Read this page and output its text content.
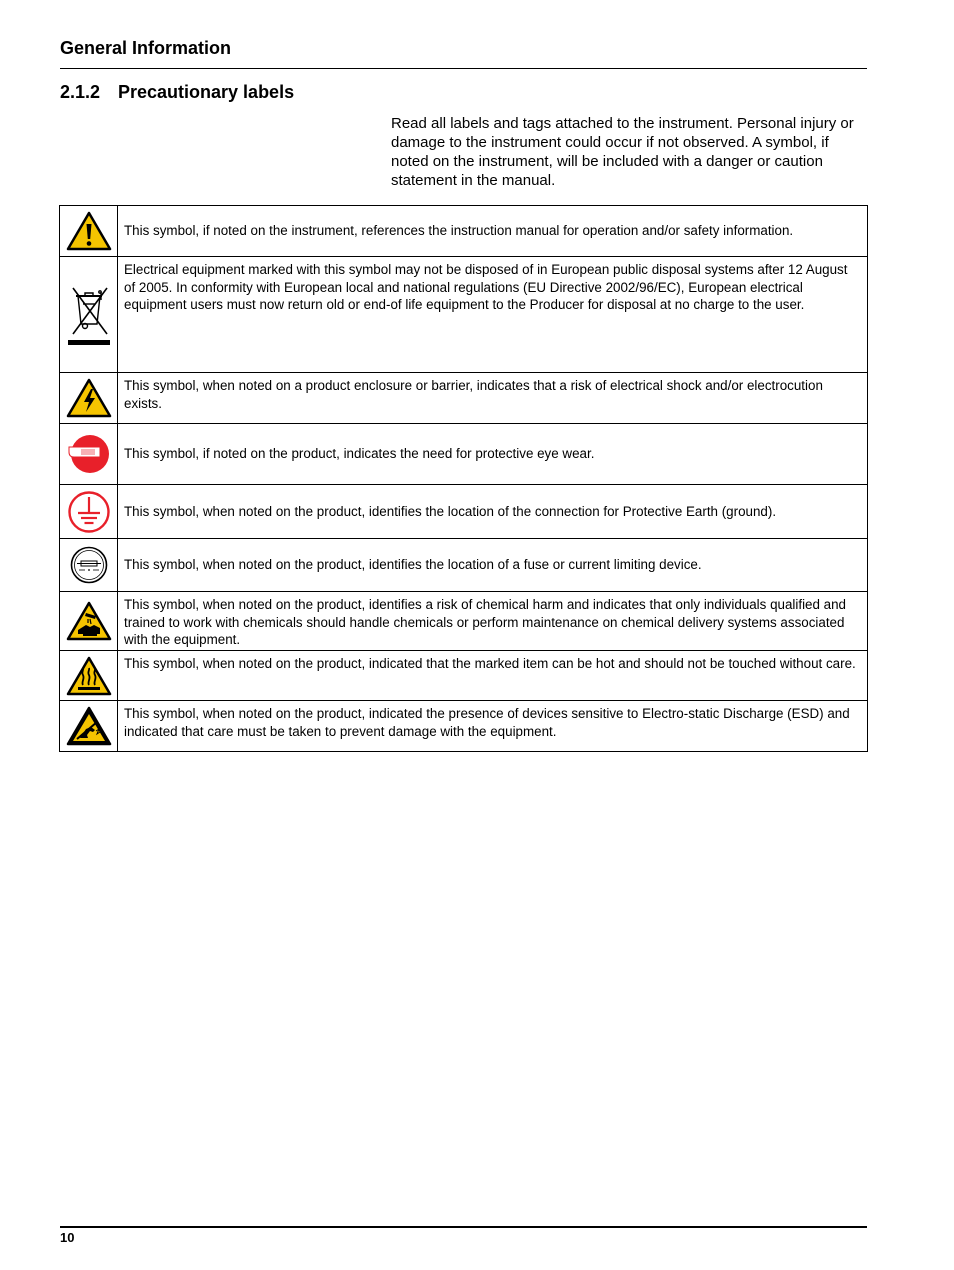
General Information
2.1.2 Precautionary labels
Read all labels and tags attached to the instrument. Personal injury or damage to the instrument could occur if not observed. A symbol, if noted on the instrument, will be included with a danger or caution statement in the manual.
	This symbol, if noted on the instrument, references the instruction manual for operation and/or safety information.

	Electrical equipment marked with this symbol may not be disposed of in European public disposal systems after 12 August of 2005. In conformity with European local and national regulations (EU Directive 2002/96/EC), European electrical equipment users must now return old or end-of life equipment to the Producer for disposal at no charge to the user.

	This symbol, when noted on a product enclosure or barrier, indicates that a risk of electrical shock and/or electrocution exists.

	This symbol, if noted on the product, indicates the need for protective eye wear.

	This symbol, when noted on the product, identifies the location of the connection for Protective Earth (ground).

	This symbol, when noted on the product, identifies the location of a fuse or current limiting device.

	This symbol, when noted on the product, identifies a risk of chemical harm and indicates that only individuals qualified and trained to work with chemicals should handle chemicals or perform maintenance on chemical delivery systems associated with the equipment.

	This symbol, when noted on the product, indicated that the marked item can be hot and should not be touched without care.

	This symbol, when noted on the product, indicated the presence of devices sensitive to Electro-static Discharge (ESD) and indicated that care must be taken to prevent damage with the equipment.
10
